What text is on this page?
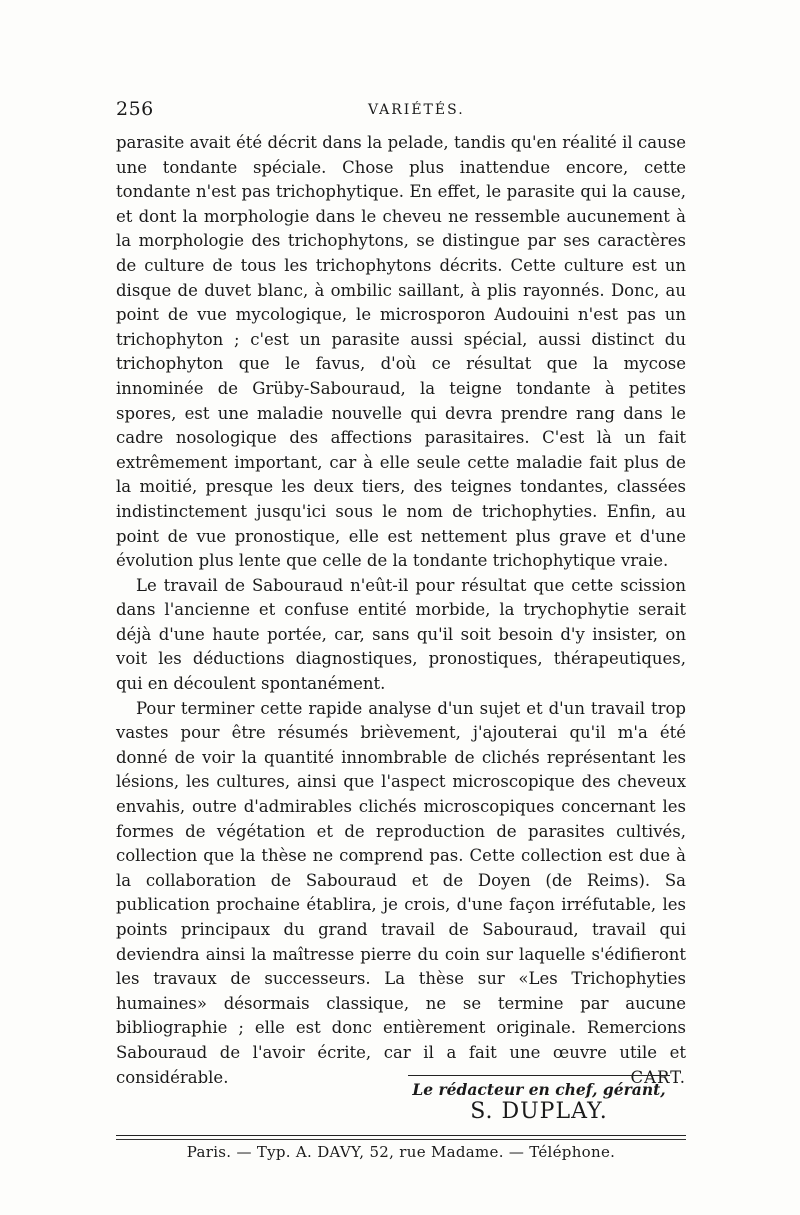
256	VARIÉTÉS.

parasite avait été décrit dans la pelade, tandis qu'en réalité il cause une tondante spéciale. Chose plus inattendue encore, cette tondante n'est pas trichophytique. En effet, le parasite qui la cause, et dont la morphologie dans le cheveu ne ressemble aucunement à la morphologie des trichophytons, se distingue par ses caractères de culture de tous les trichophytons décrits. Cette culture est un disque de duvet blanc, à ombilic saillant, à plis rayonnés. Donc, au point de vue mycologique, le microsporon Audouini n'est pas un trichophyton ; c'est un parasite aussi spécial, aussi distinct du trichophyton que le favus, d'où ce résultat que la mycose innominée de Grüby-Sabouraud, la teigne tondante à petites spores, est une maladie nouvelle qui devra prendre rang dans le cadre nosologique des affections parasitaires. C'est là un fait extrêmement important, car à elle seule cette maladie fait plus de la moitié, presque les deux tiers, des teignes tondantes, classées indistinctement jusqu'ici sous le nom de trichophyties. Enfin, au point de vue pronostique, elle est nettement plus grave et d'une évolution plus lente que celle de la tondante trichophytique vraie.

Le travail de Sabouraud n'eût-il pour résultat que cette scission dans l'ancienne et confuse entité morbide, la trychophytie serait déjà d'une haute portée, car, sans qu'il soit besoin d'y insister, on voit les déductions diagnostiques, pronostiques, thérapeutiques, qui en découlent spontanément.

Pour terminer cette rapide analyse d'un sujet et d'un travail trop vastes pour être résumés brièvement, j'ajouterai qu'il m'a été donné de voir la quantité innombrable de clichés représentant les lésions, les cultures, ainsi que l'aspect microscopique des cheveux envahis, outre d'admirables clichés microscopiques concernant les formes de végétation et de reproduction de parasites cultivés, collection que la thèse ne comprend pas. Cette collection est due à la collaboration de Sabouraud et de Doyen (de Reims). Sa publication prochaine établira, je crois, d'une façon irréfutable, les points principaux du grand travail de Sabouraud, travail qui deviendra ainsi la maîtresse pierre du coin sur laquelle s'édifieront les travaux de successeurs. La thèse sur «Les Trichophyties humaines» désormais classique, ne se termine par aucune bibliographie ; elle est donc entièrement originale. Remercions Sabouraud de l'avoir écrite, car il a fait une œuvre utile et considérable.	CART.

Le rédacteur en chef, gérant,
S. DUPLAY.
Paris. — Typ. A. DAVY, 52, rue Madame. — Téléphone.
